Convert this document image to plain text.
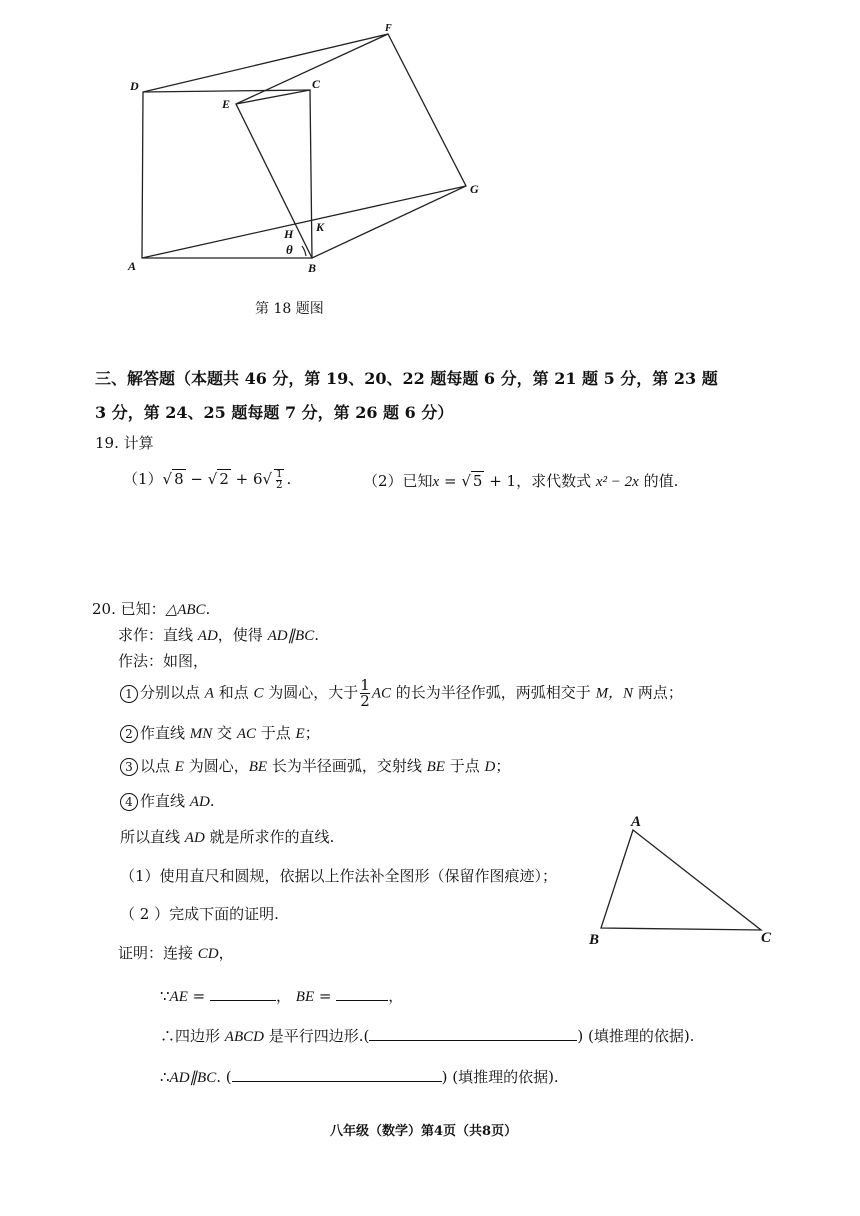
D	C
E
F
G
H K
θ
A	B
第 18 题图
三、解答题（本题共 46 分，第 19、20、22 题每题 6 分，第 21 题 5 分，第 23 题
3 分，第 24、25 题每题 7 分，第 26 题 6 分）
19. 计算
（1）√ 8 − √ $2 + 6√ \frac{1}{2}$ .	（2）已知x = √ 5 + 1，求代数式 x² − 2x 的值.
20. 已知：△ABC.
求作：直线 AD，使得 AD∥BC.
作法：如图，
1 分别以点 A 和点 C 为圆心，大于 $\frac{1}{2}$ AC 的长为半径作弧，两弧相交于 M，N 两点；
2 作直线 MN 交 AC 于点 E；
3 以点 E 为圆心，BE 长为半径画弧，交射线 BE 于点 D；
4 作直线 AD.
所以直线 AD 就是所求作的直线.
（1）使用直尺和圆规，依据以上作法补全图形（保留作图痕迹）；
（ 2 ）完成下面的证明.
A
B	C
证明：连接 CD，
∵AE =	， BE =	，
∴四边形 ABCD 是平行四边形.(	) (填推理的依据).
∴AD∥BC. (	) (填推理的依据).
八年级（数学）第4页（共8页）
